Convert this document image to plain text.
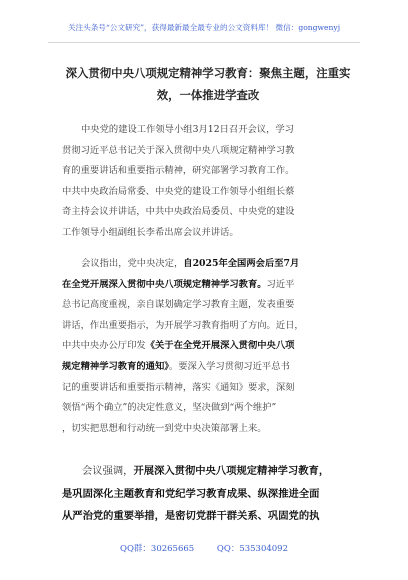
关注头条号“公文研究”，获得最新最全最专业的公文资料库！ 微信：gongwenyj
深入贯彻中央八项规定精神学习教育：聚焦主题，注重实
效，一体推进学查改
中央党的建设工作领导小组3月12日召开会议，学习
贯彻习近平总书记关于深入贯彻中央八项规定精神学习教
育的重要讲话和重要指示精神，研究部署学习教育工作。
中共中央政治局常委、中央党的建设工作领导小组组长蔡
奇主持会议并讲话，中共中央政治局委员、中央党的建设
工作领导小组副组长李希出席会议并讲话。
会议指出，党中央决定，自2025年全国两会后至7月
在全党开展深入贯彻中央八项规定精神学习教育。习近平
总书记高度重视，亲自谋划确定学习教育主题，发表重要
讲话，作出重要指示，为开展学习教育指明了方向。近日，
中共中央办公厅印发《关于在全党开展深入贯彻中央八项
规定精神学习教育的通知》。要深入学习贯彻习近平总书
记的重要讲话和重要指示精神，落实《通知》要求，深刻
领悟“两个确立”的决定性意义，坚决做到“两个维护”
，切实把思想和行动统一到党中央决策部署上来。
会议强调，开展深入贯彻中央八项规定精神学习教育，
是巩固深化主题教育和党纪学习教育成果、纵深推进全面
从严治党的重要举措，是密切党群干群关系、巩固党的执
QQ群：30265665	QQ：535304092
